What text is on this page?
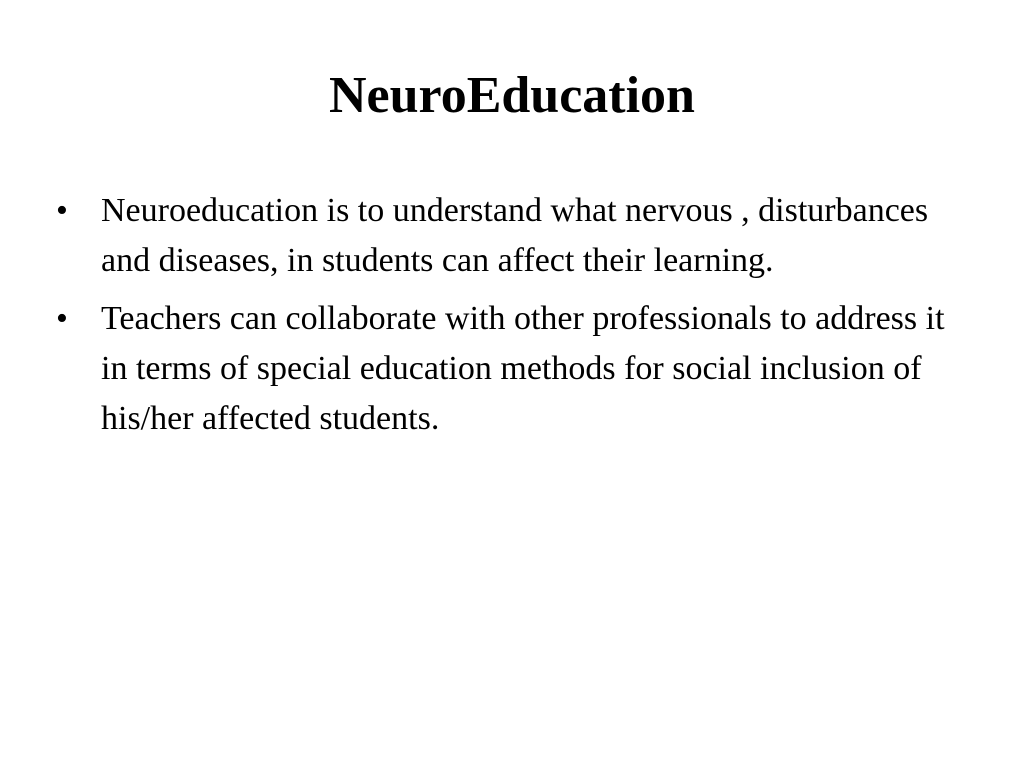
NeuroEducation
• Neuroeducation is to understand what nervous , disturbances and diseases, in students can affect their learning.
• Teachers can collaborate with other professionals to address it in terms of special education methods for social inclusion of his/her affected students.
